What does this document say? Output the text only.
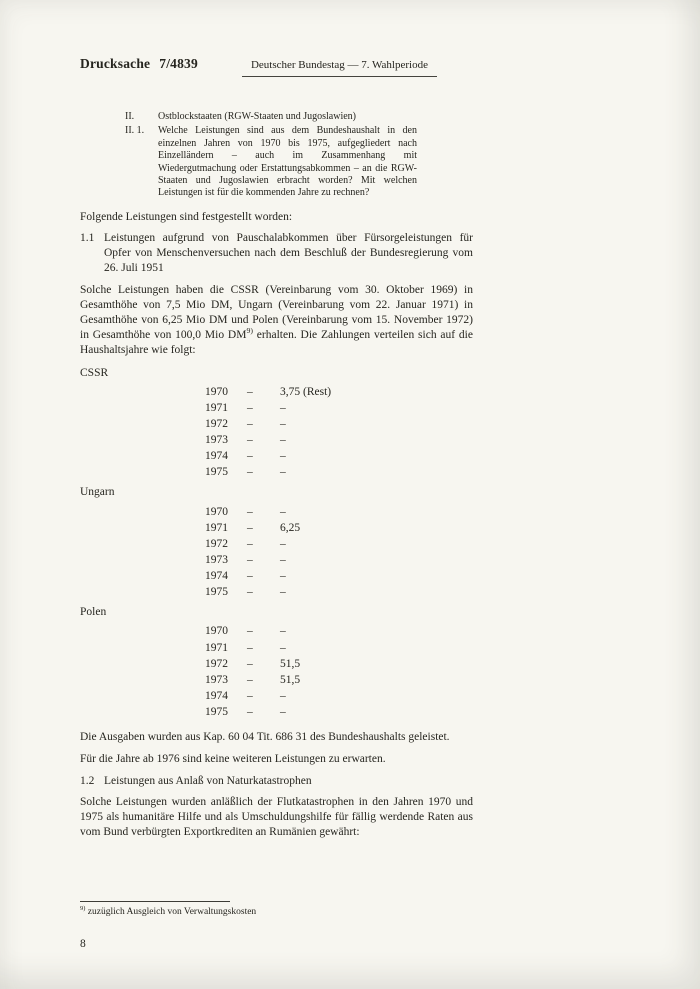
Drucksache 7/4839	Deutscher Bundestag — 7. Wahlperiode
II.	Ostblockstaaten (RGW-Staaten und Jugoslawien)
II. 1.	Welche Leistungen sind aus dem Bundeshaushalt in den einzelnen Jahren von 1970 bis 1975, aufgegliedert nach Einzelländern – auch im Zusammenhang mit Wiedergutmachung oder Erstattungsabkommen – an die RGW-Staaten und Jugoslawien erbracht worden? Mit welchen Leistungen ist für die kommenden Jahre zu rechnen?

Folgende Leistungen sind festgestellt worden:

1.1 Leistungen aufgrund von Pauschalabkommen über Fürsorgeleistungen für Opfer von Menschenversuchen nach dem Beschluß der Bundesregierung vom 26. Juli 1951

Solche Leistungen haben die CSSR (Vereinbarung vom 30. Oktober 1969) in Gesamthöhe von 7,5 Mio DM, Ungarn (Vereinbarung vom 22. Januar 1971) in Gesamthöhe von 6,25 Mio DM und Polen (Vereinbarung vom 15. November 1972) in Gesamthöhe von 100,0 Mio DM$^{9)}$ erhalten. Die Zahlungen verteilen sich auf die Haushaltsjahre wie folgt:

CSSR
1970	–	3,75 (Rest)
1971	–	–
1972	–	–
1973	–	–
1974	–	–
1975	–	–
Ungarn
1970	–	–
1971	–	6,25
1972	–	–
1973	–	–
1974	–	–
1975	–	–
Polen
1970	–	–
1971	–	–
1972	–	51,5
1973	–	51,5
1974	–	–
1975	–	–

Die Ausgaben wurden aus Kap. 60 04 Tit. 686 31 des Bundeshaushalts geleistet.

Für die Jahre ab 1976 sind keine weiteren Leistungen zu erwarten.

1.2 Leistungen aus Anlaß von Naturkatastrophen

Solche Leistungen wurden anläßlich der Flutkatastrophen in den Jahren 1970 und 1975 als humanitäre Hilfe und als Umschuldungshilfe für fällig werdende Raten aus vom Bund verbürgten Exportkrediten an Rumänien gewährt:

$^{9)}$ zuzüglich Ausgleich von Verwaltungskosten
8
